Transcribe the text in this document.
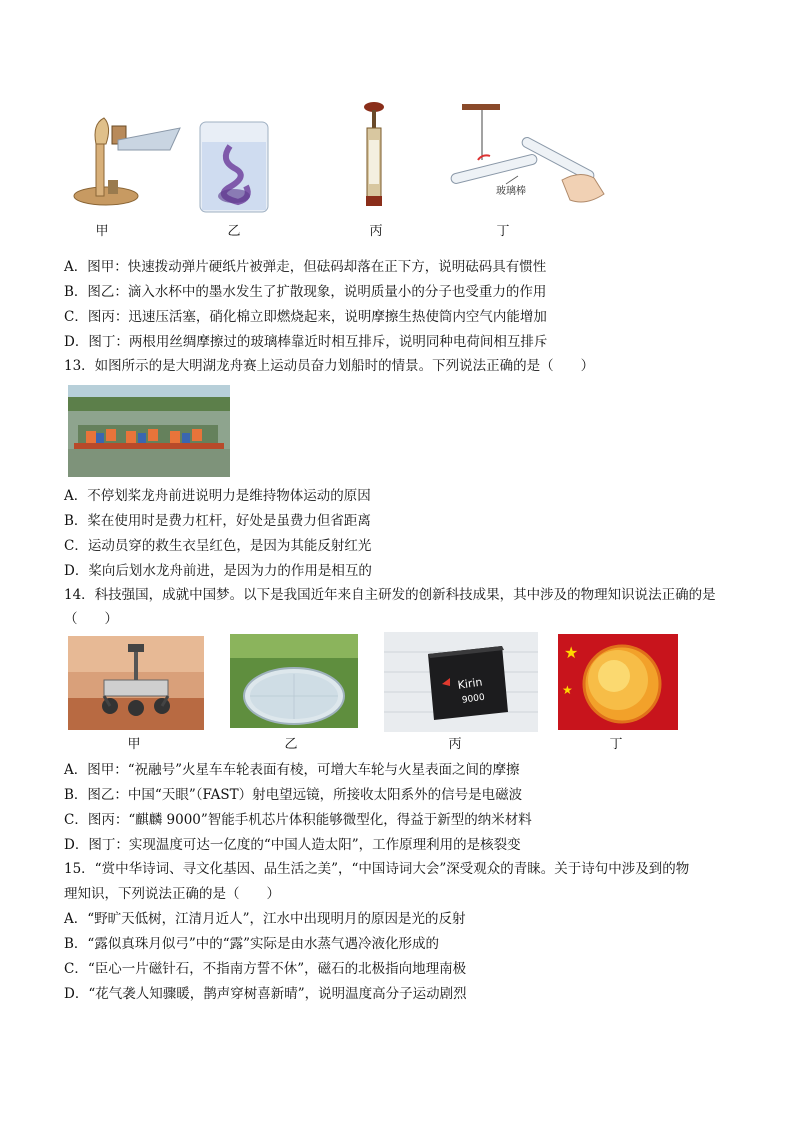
玻璃棒
甲	乙	丙	丁
A．图甲：快速拨动弹片硬纸片被弹走，但砝码却落在正下方，说明砝码具有惯性
B．图乙：滴入水杯中的墨水发生了扩散现象，说明质量小的分子也受重力的作用
C．图丙：迅速压活塞，硝化棉立即燃烧起来，说明摩擦生热使筒内空气内能增加
D．图丁：两根用丝绸摩擦过的玻璃棒靠近时相互排斥，说明同种电荷间相互排斥
13．如图所示的是大明湖龙舟赛上运动员奋力划船时的情景。下列说法正确的是（　　）
A．不停划桨龙舟前进说明力是维持物体运动的原因
B．桨在使用时是费力杠杆，好处是虽费力但省距离
C．运动员穿的救生衣呈红色，是因为其能反射红光
D．桨向后划水龙舟前进，是因为力的作用是相互的
14．科技强国，成就中国梦。以下是我国近年来自主研发的创新科技成果，其中涉及的物理知识说法正确的是
（　　）
Kirin
9000
★
★
甲	乙	丙	丁
A．图甲：“祝融号”火星车车轮表面有棱，可增大车轮与火星表面之间的摩擦
B．图乙：中国“天眼”（FAST）射电望远镜，所接收太阳系外的信号是电磁波
C．图丙：“麒麟 9000”智能手机芯片体积能够微型化，得益于新型的纳米材料
D．图丁：实现温度可达一亿度的“中国人造太阳”，工作原理利用的是核裂变
15．“赏中华诗词、寻文化基因、品生活之美”，“中国诗词大会”深受观众的青睐。关于诗句中涉及到的物
理知识，下列说法正确的是（　　）
A．“野旷天低树，江清月近人”，江水中出现明月的原因是光的反射
B．“露似真珠月似弓”中的“露”实际是由水蒸气遇冷液化形成的
C．“臣心一片磁针石，不指南方誓不休”，磁石的北极指向地理南极
D．“花气袭人知骤暖，鹊声穿树喜新晴”，说明温度高分子运动剧烈
